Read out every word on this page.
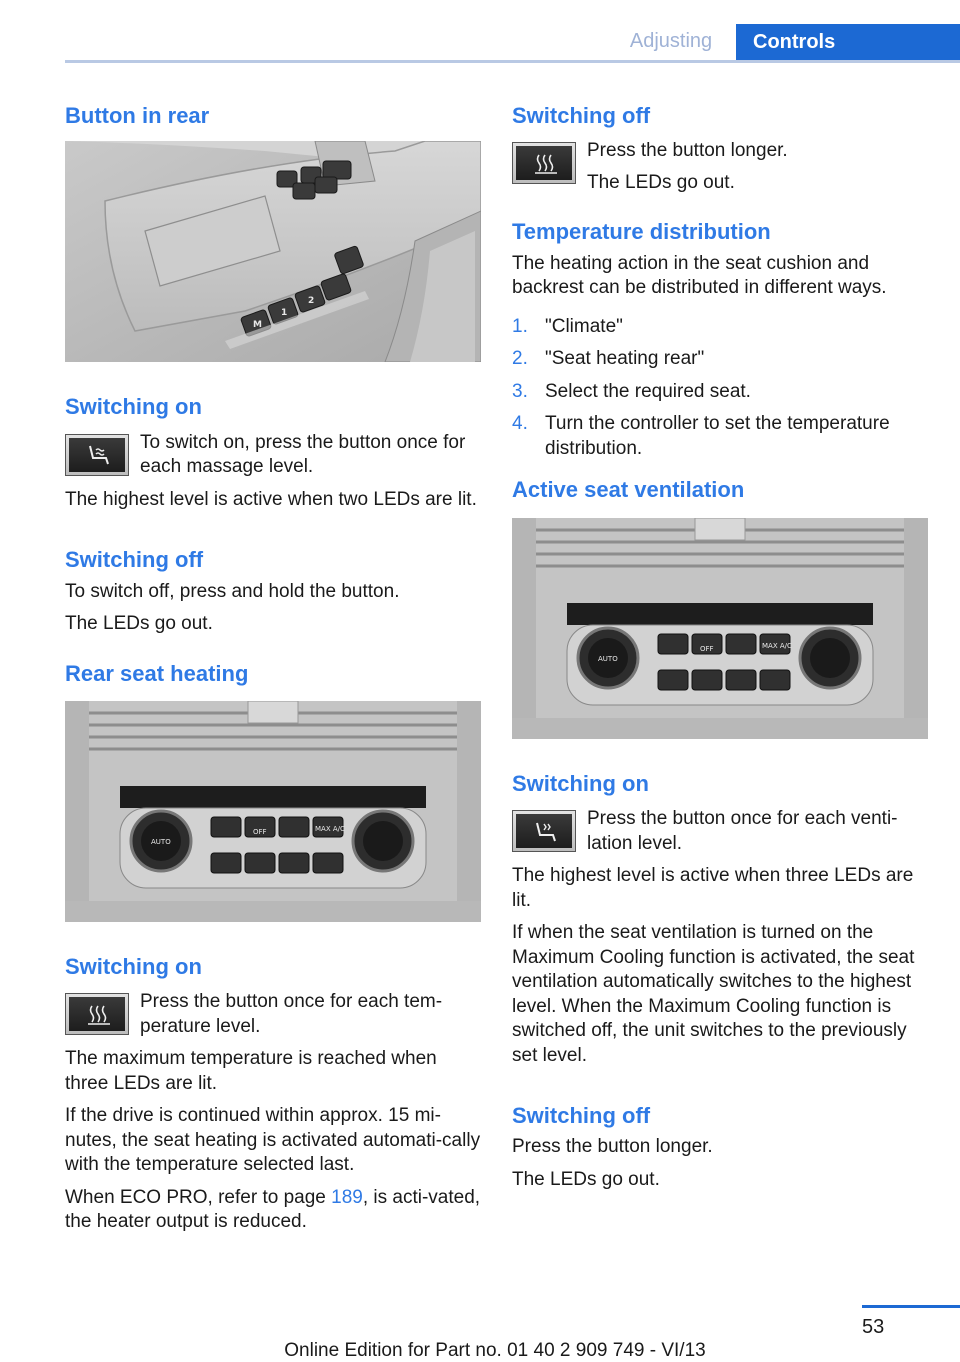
Adjusting	Controls
Button in rear
M
1
2
Switching on

To switch on, press the button once for each massage level.

The highest level is active when two LEDs are lit.

Switching off

To switch off, press and hold the button.

The LEDs go out.

Rear seat heating
AUTO
OFF	MAX A/C
Switching on

Press the button once for each tem-perature level.

The maximum temperature is reached when three LEDs are lit.

If the drive is continued within approx. 15 mi-nutes, the seat heating is activated automati-cally with the temperature selected last.

When ECO PRO, refer to page 189, is acti-vated, the heater output is reduced.

Switching off

Press the button longer.

The LEDs go out.

Temperature distribution

The heating action in the seat cushion and backrest can be distributed in different ways.

1. "Climate"
2. "Seat heating rear"
3. Select the required seat.
4. Turn the controller to set the temperature distribution.
Active seat ventilation
AUTO
OFF	MAX A/C
Switching on

Press the button once for each venti-lation level.

The highest level is active when three LEDs are lit.

If when the seat ventilation is turned on the Maximum Cooling function is activated, the seat ventilation automatically switches to the highest level. When the Maximum Cooling function is switched off, the unit switches to the previously set level.

Switching off

Press the button longer.

The LEDs go out.

53
Online Edition for Part no. 01 40 2 909 749 - VI/13
